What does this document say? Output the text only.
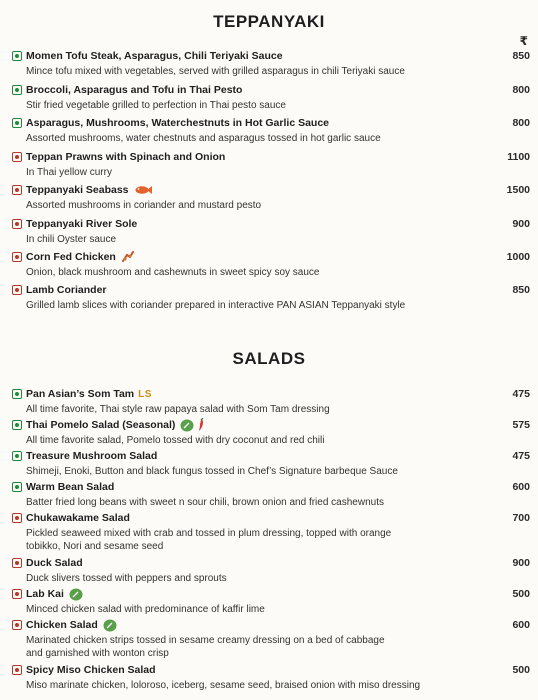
TEPPANYAKI
₹
Momen Tofu Steak, Asparagus, Chili Teriyaki Sauce	850
Mince tofu mixed with vegetables, served with grilled asparagus in chili Teriyaki sauce
Broccoli, Asparagus and Tofu in Thai Pesto	800
Stir fried vegetable grilled to perfection in Thai pesto sauce
Asparagus, Mushrooms, Waterchestnuts in Hot Garlic Sauce	800
Assorted mushrooms, water chestnuts and asparagus tossed in hot garlic sauce
Teppan Prawns with Spinach and Onion	1100
In Thai yellow curry
Teppanyaki Seabass	1500
Assorted mushrooms in coriander and mustard pesto
Teppanyaki River Sole	900
In chili Oyster sauce
Corn Fed Chicken	1000
Onion, black mushroom and cashewnuts in sweet spicy soy sauce
Lamb Coriander	850
Grilled lamb slices with coriander prepared in interactive PAN ASIAN Teppanyaki style
SALADS
Pan Asian’s Som Tam LS	475
All time favorite, Thai style raw papaya salad with Som Tam dressing
Thai Pomelo Salad (Seasonal)	575
All time favorite salad, Pomelo tossed with dry coconut and red chili
Treasure Mushroom Salad	475
Shimeji, Enoki, Button and black fungus tossed in Chef’s Signature barbeque Sauce
Warm Bean Salad	600
Batter fried long beans with sweet n sour chili, brown onion and fried cashewnuts
Chukawakame Salad	700
Pickled seaweed mixed with crab and tossed in plum dressing, topped with orange
tobikko, Nori and sesame seed
Duck Salad	900
Duck slivers tossed with peppers and sprouts
Lab Kai	500
Minced chicken salad with predominance of kaffir lime
Chicken Salad	600
Marinated chicken strips tossed in sesame creamy dressing on a bed of cabbage
and garnished with wonton crisp
Spicy Miso Chicken Salad	500
Miso marinate chicken, loloroso, iceberg, sesame seed, braised onion with miso dressing
